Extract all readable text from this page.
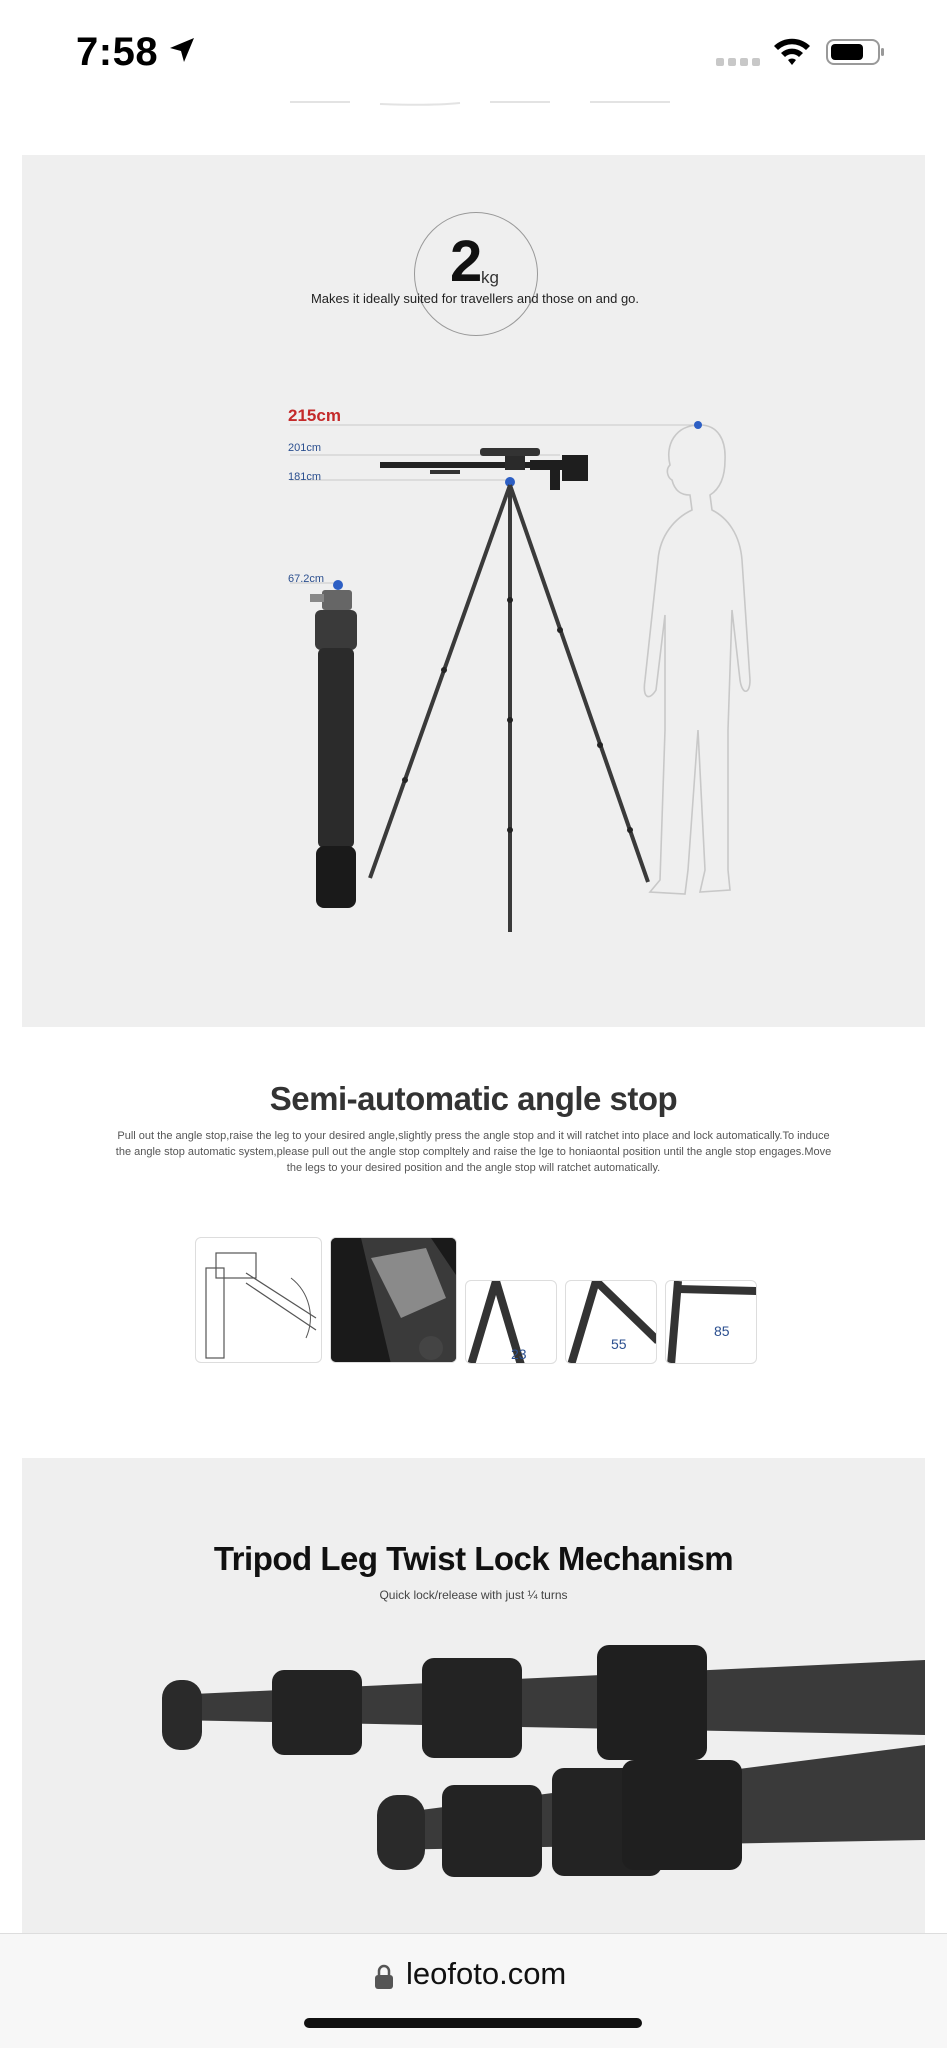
7:58
2
kg
Makes it ideally suited for travellers and those on and go.
215cm
201cm
181cm
67.2cm
Semi-automatic angle stop
Pull out the angle stop,raise the leg to your desired angle,slightly press the angle stop and it will ratchet into place and lock automatically.To induce the angle stop automatic system,please pull out the angle stop compltely and raise the lge to honiaontal position until the angle stop engages.Move the legs to your desired position and the angle stop will ratchet automatically.
23
55
85
Tripod Leg Twist Lock Mechanism
Quick lock/release with just ¼ turns
leofoto.com
